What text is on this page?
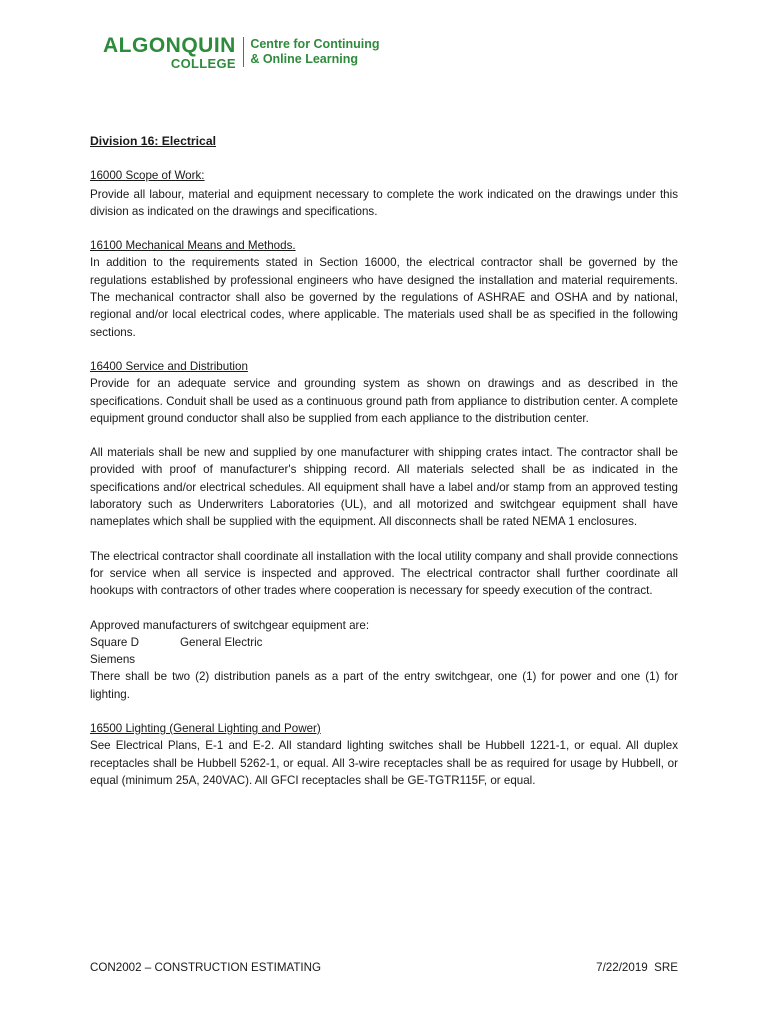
ALGONQUIN
COLLEGE
Centre for Continuing
& Online Learning
Division 16: Electrical
16000 Scope of Work:

Provide all labour, material and equipment necessary to complete the work indicated on the drawings under this division as indicated on the drawings and specifications.

16100 Mechanical Means and Methods.

In addition to the requirements stated in Section 16000, the electrical contractor shall be governed by the regulations established by professional engineers who have designed the installation and material requirements. The mechanical contractor shall also be governed by the regulations of ASHRAE and OSHA and by national, regional and/or local electrical codes, where applicable. The materials used shall be as specified in the following sections.

16400 Service and Distribution

Provide for an adequate service and grounding system as shown on drawings and as described in the specifications. Conduit shall be used as a continuous ground path from appliance to distribution center. A complete equipment ground conductor shall also be supplied from each appliance to the distribution center.

All materials shall be new and supplied by one manufacturer with shipping crates intact. The contractor shall be provided with proof of manufacturer's shipping record. All materials selected shall be as indicated in the specifications and/or electrical schedules. All equipment shall have a label and/or stamp from an approved testing laboratory such as Underwriters Laboratories (UL), and all motorized and switchgear equipment shall have nameplates which shall be supplied with the equipment. All disconnects shall be rated NEMA 1 enclosures.

The electrical contractor shall coordinate all installation with the local utility company and shall provide connections for service when all service is inspected and approved. The electrical contractor shall further coordinate all hookups with contractors of other trades where cooperation is necessary for speedy execution of the contract.

Approved manufacturers of switchgear equipment are:
Square D	General Electric
Siemens

There shall be two (2) distribution panels as a part of the entry switchgear, one (1) for power and one (1) for lighting.

16500 Lighting (General Lighting and Power)

See Electrical Plans, E-1 and E-2. All standard lighting switches shall be Hubbell 1221-1, or equal. All duplex receptacles shall be Hubbell 5262-1, or equal. All 3-wire receptacles shall be as required for usage by Hubbell, or equal (minimum 25A, 240VAC). All GFCI receptacles shall be GE-TGTR115F, or equal.

CON2002 – CONSTRUCTION ESTIMATING	7/22/2019  SRE
